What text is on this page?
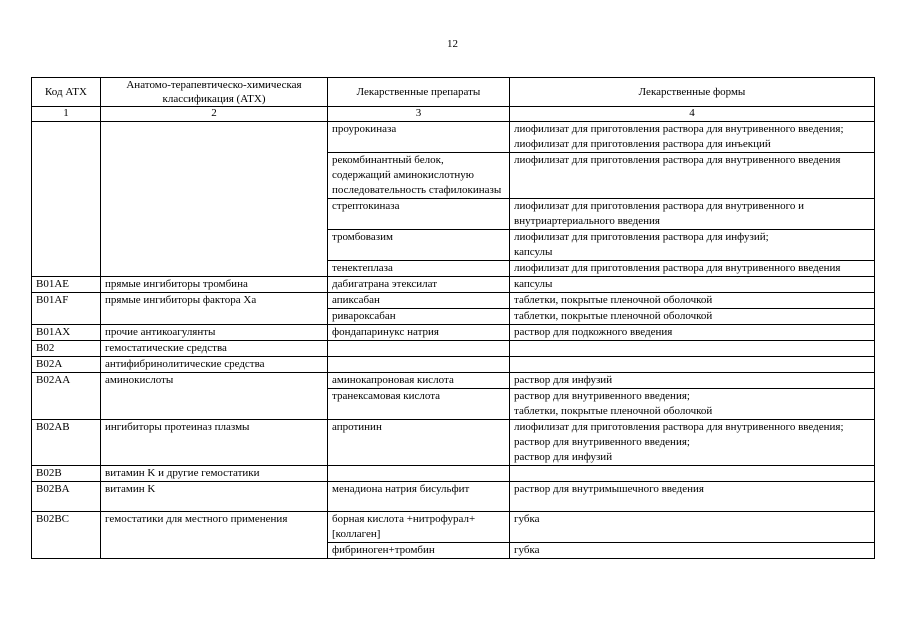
12
Код АТХ	Анатомо-терапевтическо-химическая классификация (АТХ)	Лекарственные препараты	Лекарственные формы
1	2	3	4
		проурокиназа	лиофилизат для приготовления раствора для внутривенного введения;
лиофилизат для приготовления раствора для инъекций
		рекомбинантный белок, содержащий аминокислотную последовательность стафилокиназы	лиофилизат для приготовления раствора для внутривенного введения
		стрептокиназа	лиофилизат для приготовления раствора для внутривенного и внутриартериального введения
		тромбовазим	лиофилизат для приготовления раствора для инфузий;
капсулы
		тенектеплаза	лиофилизат для приготовления раствора для внутривенного введения
B01AE	прямые ингибиторы тромбина	дабигатрана этексилат	капсулы
B01AF	прямые ингибиторы фактора Xa	апиксабан	таблетки, покрытые пленочной оболочкой
		ривароксабан	таблетки, покрытые пленочной оболочкой
B01AX	прочие антикоагулянты	фондапаринукс натрия	раствор для подкожного введения
B02	гемостатические средства		
B02A	антифибринолитические средства		
B02AA	аминокислоты	аминокапроновая кислота	раствор для инфузий
		транексамовая кислота	раствор для внутривенного введения;
таблетки, покрытые пленочной оболочкой
B02AB	ингибиторы протеиназ плазмы	апротинин	лиофилизат для приготовления раствора для внутривенного введения;
раствор для внутривенного введения;
раствор для инфузий
B02B	витамин K и другие гемостатики		
B02BA	витамин K	менадиона натрия бисульфит	раствор для внутримышечного введения
B02BC	гемостатики для местного применения	борная кислота +нитрофурал+[коллаген]	губка
		фибриноген+тромбин	губка
